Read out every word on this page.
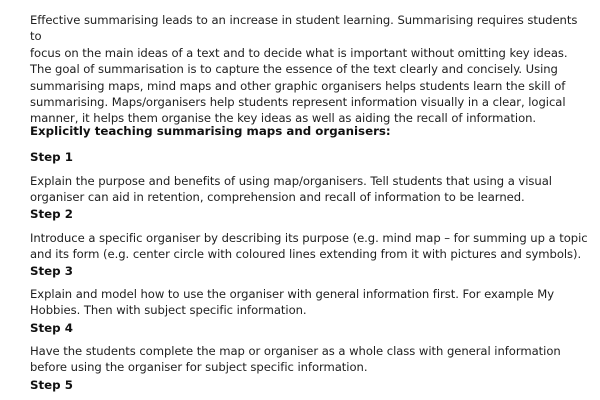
Effective summarising leads to an increase in student learning. Summarising requires students to
focus on the main ideas of a text and to decide what is important without omitting key ideas.
The goal of summarisation is to capture the essence of the text clearly and concisely. Using
summarising maps, mind maps and other graphic organisers helps students learn the skill of
summarising. Maps/organisers help students represent information visually in a clear, logical
manner, it helps them organise the key ideas as well as aiding the recall of information.
Explicitly teaching summarising maps and organisers:
Step 1
Explain the purpose and benefits of using map/organisers. Tell students that using a visual
organiser can aid in retention, comprehension and recall of information to be learned.
Step 2
Introduce a specific organiser by describing its purpose (e.g. mind map – for summing up a topic
and its form (e.g. center circle with coloured lines extending from it with pictures and symbols).
Step 3
Explain and model how to use the organiser with general information first. For example My
Hobbies. Then with subject specific information.
Step 4
Have the students complete the map or organiser as a whole class with general information
before using the organiser for subject specific information.
Step 5
